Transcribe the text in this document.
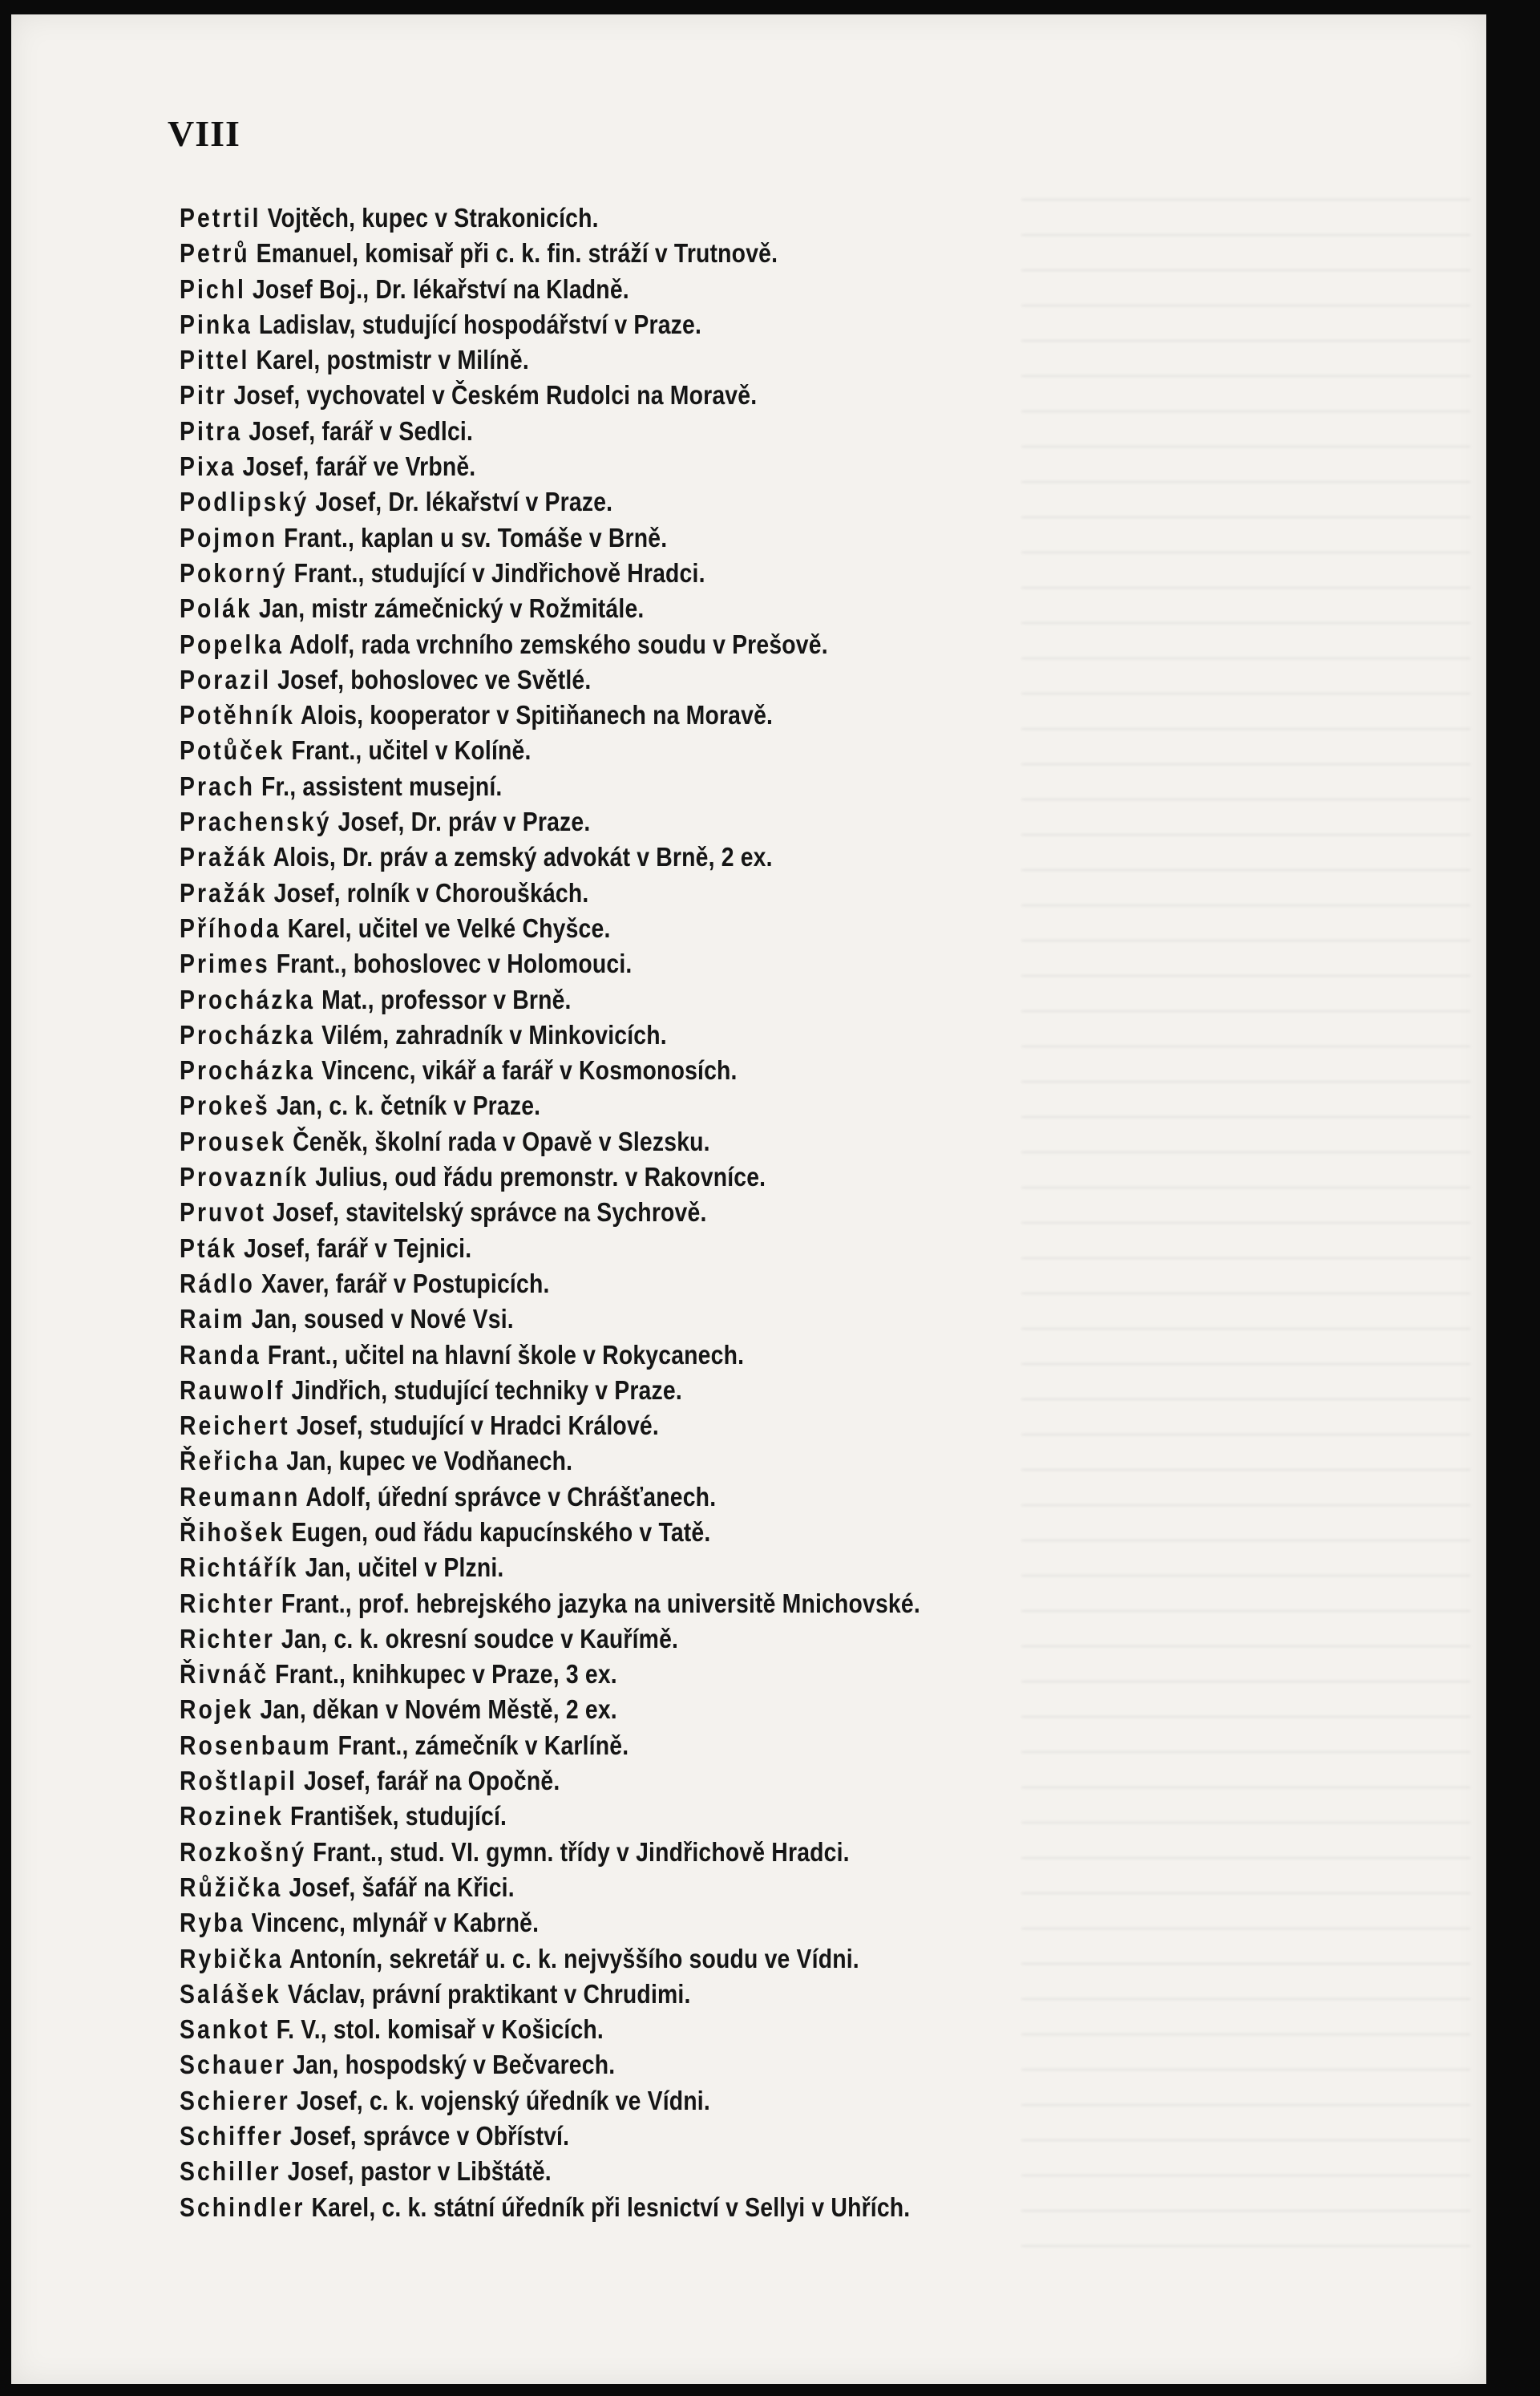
VIII
Petrtil Vojtěch, kupec v Strakonicích.
Petrů Emanuel, komisař při c. k. fin. stráží v Trutnově.
Pichl Josef Boj., Dr. lékařství na Kladně.
Pinka Ladislav, studující hospodářství v Praze.
Pittel Karel, postmistr v Milíně.
Pitr Josef, vychovatel v Českém Rudolci na Moravě.
Pitra Josef, farář v Sedlci.
Pixa Josef, farář ve Vrbně.
Podlipský Josef, Dr. lékařství v Praze.
Pojmon Frant., kaplan u sv. Tomáše v Brně.
Pokorný Frant., studující v Jindřichově Hradci.
Polák Jan, mistr zámečnický v Rožmitále.
Popelka Adolf, rada vrchního zemského soudu v Prešově.
Porazil Josef, bohoslovec ve Světlé.
Potěhník Alois, kooperator v Spitiňanech na Moravě.
Potůček Frant., učitel v Kolíně.
Prach Fr., assistent musejní.
Prachenský Josef, Dr. práv v Praze.
Pražák Alois, Dr. práv a zemský advokát v Brně, 2 ex.
Pražák Josef, rolník v Chorouškách.
Příhoda Karel, učitel ve Velké Chyšce.
Primes Frant., bohoslovec v Holomouci.
Procházka Mat., professor v Brně.
Procházka Vilém, zahradník v Minkovicích.
Procházka Vincenc, vikář a farář v Kosmonosích.
Prokeš Jan, c. k. četník v Praze.
Prousek Čeněk, školní rada v Opavě v Slezsku.
Provazník Julius, oud řádu premonstr. v Rakovníce.
Pruvot Josef, stavitelský správce na Sychrově.
Pták Josef, farář v Tejnici.
Rádlo Xaver, farář v Postupicích.
Raim Jan, soused v Nové Vsi.
Randa Frant., učitel na hlavní škole v Rokycanech.
Rauwolf Jindřich, studující techniky v Praze.
Reichert Josef, studující v Hradci Králové.
Řeřicha Jan, kupec ve Vodňanech.
Reumann Adolf, úřední správce v Chrášťanech.
Řihošek Eugen, oud řádu kapucínského v Tatě.
Richtářík Jan, učitel v Plzni.
Richter Frant., prof. hebrejského jazyka na universitě Mnichovské.
Richter Jan, c. k. okresní soudce v Kauřímě.
Řivnáč Frant., knihkupec v Praze, 3 ex.
Rojek Jan, děkan v Novém Městě, 2 ex.
Rosenbaum Frant., zámečník v Karlíně.
Roštlapil Josef, farář na Opočně.
Rozinek František, studující.
Rozkošný Frant., stud. VI. gymn. třídy v Jindřichově Hradci.
Růžička Josef, šafář na Křici.
Ryba Vincenc, mlynář v Kabrně.
Rybička Antonín, sekretář u. c. k. nejvyššího soudu ve Vídni.
Salášek Václav, právní praktikant v Chrudimi.
Sankot F. V., stol. komisař v Košicích.
Schauer Jan, hospodský v Bečvarech.
Schierer Josef, c. k. vojenský úředník ve Vídni.
Schiffer Josef, správce v Obříství.
Schiller Josef, pastor v Libštátě.
Schindler Karel, c. k. státní úředník při lesnictví v Sellyi v Uhřích.
